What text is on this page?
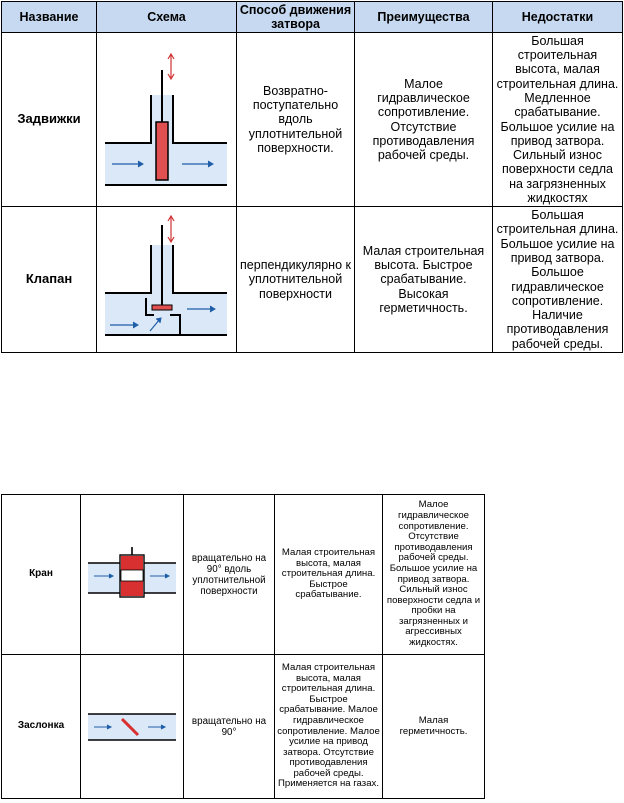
Название	Схема	Способ движения затвора	Преимущества	Недостатки
Задвижки		Возвратно-поступательно вдоль уплотнительной поверхности.	Малое гидравлическое сопротивление. Отсутствие противодавления рабочей среды.	Большая строительная высота, малая строительная длина. Медленное срабатывание. Большое усилие на привод затвора. Сильный износ поверхности седла на загрязненных жидкостях
Клапан		перпендикулярно к уплотнительной поверхности	Малая строительная высота. Быстрое срабатывание. Высокая герметичность.	Большая строительная длина. Большое усилие на привод затвора. Большое гидравлическое сопротивление. Наличие противодавления рабочей среды.
Кран		вращательно на 90° вдоль уплотнительной поверхности	Малая строительная высота, малая строительная длина. Быстрое срабатывание.	Малое гидравлическое сопротивление. Отсутствие противодавления рабочей среды. Большое усилие на привод затвора. Сильный износ поверхности седла и пробки на загрязненных и агрессивных жидкостях.
Заслонка		вращательно на 90°	Малая строительная высота, малая строительная длина. Быстрое срабатывание. Малое гидравлическое сопротивление. Малое усилие на привод затвора. Отсутствие противодавления рабочей среды. Применяется на газах.	Малая герметичность.
